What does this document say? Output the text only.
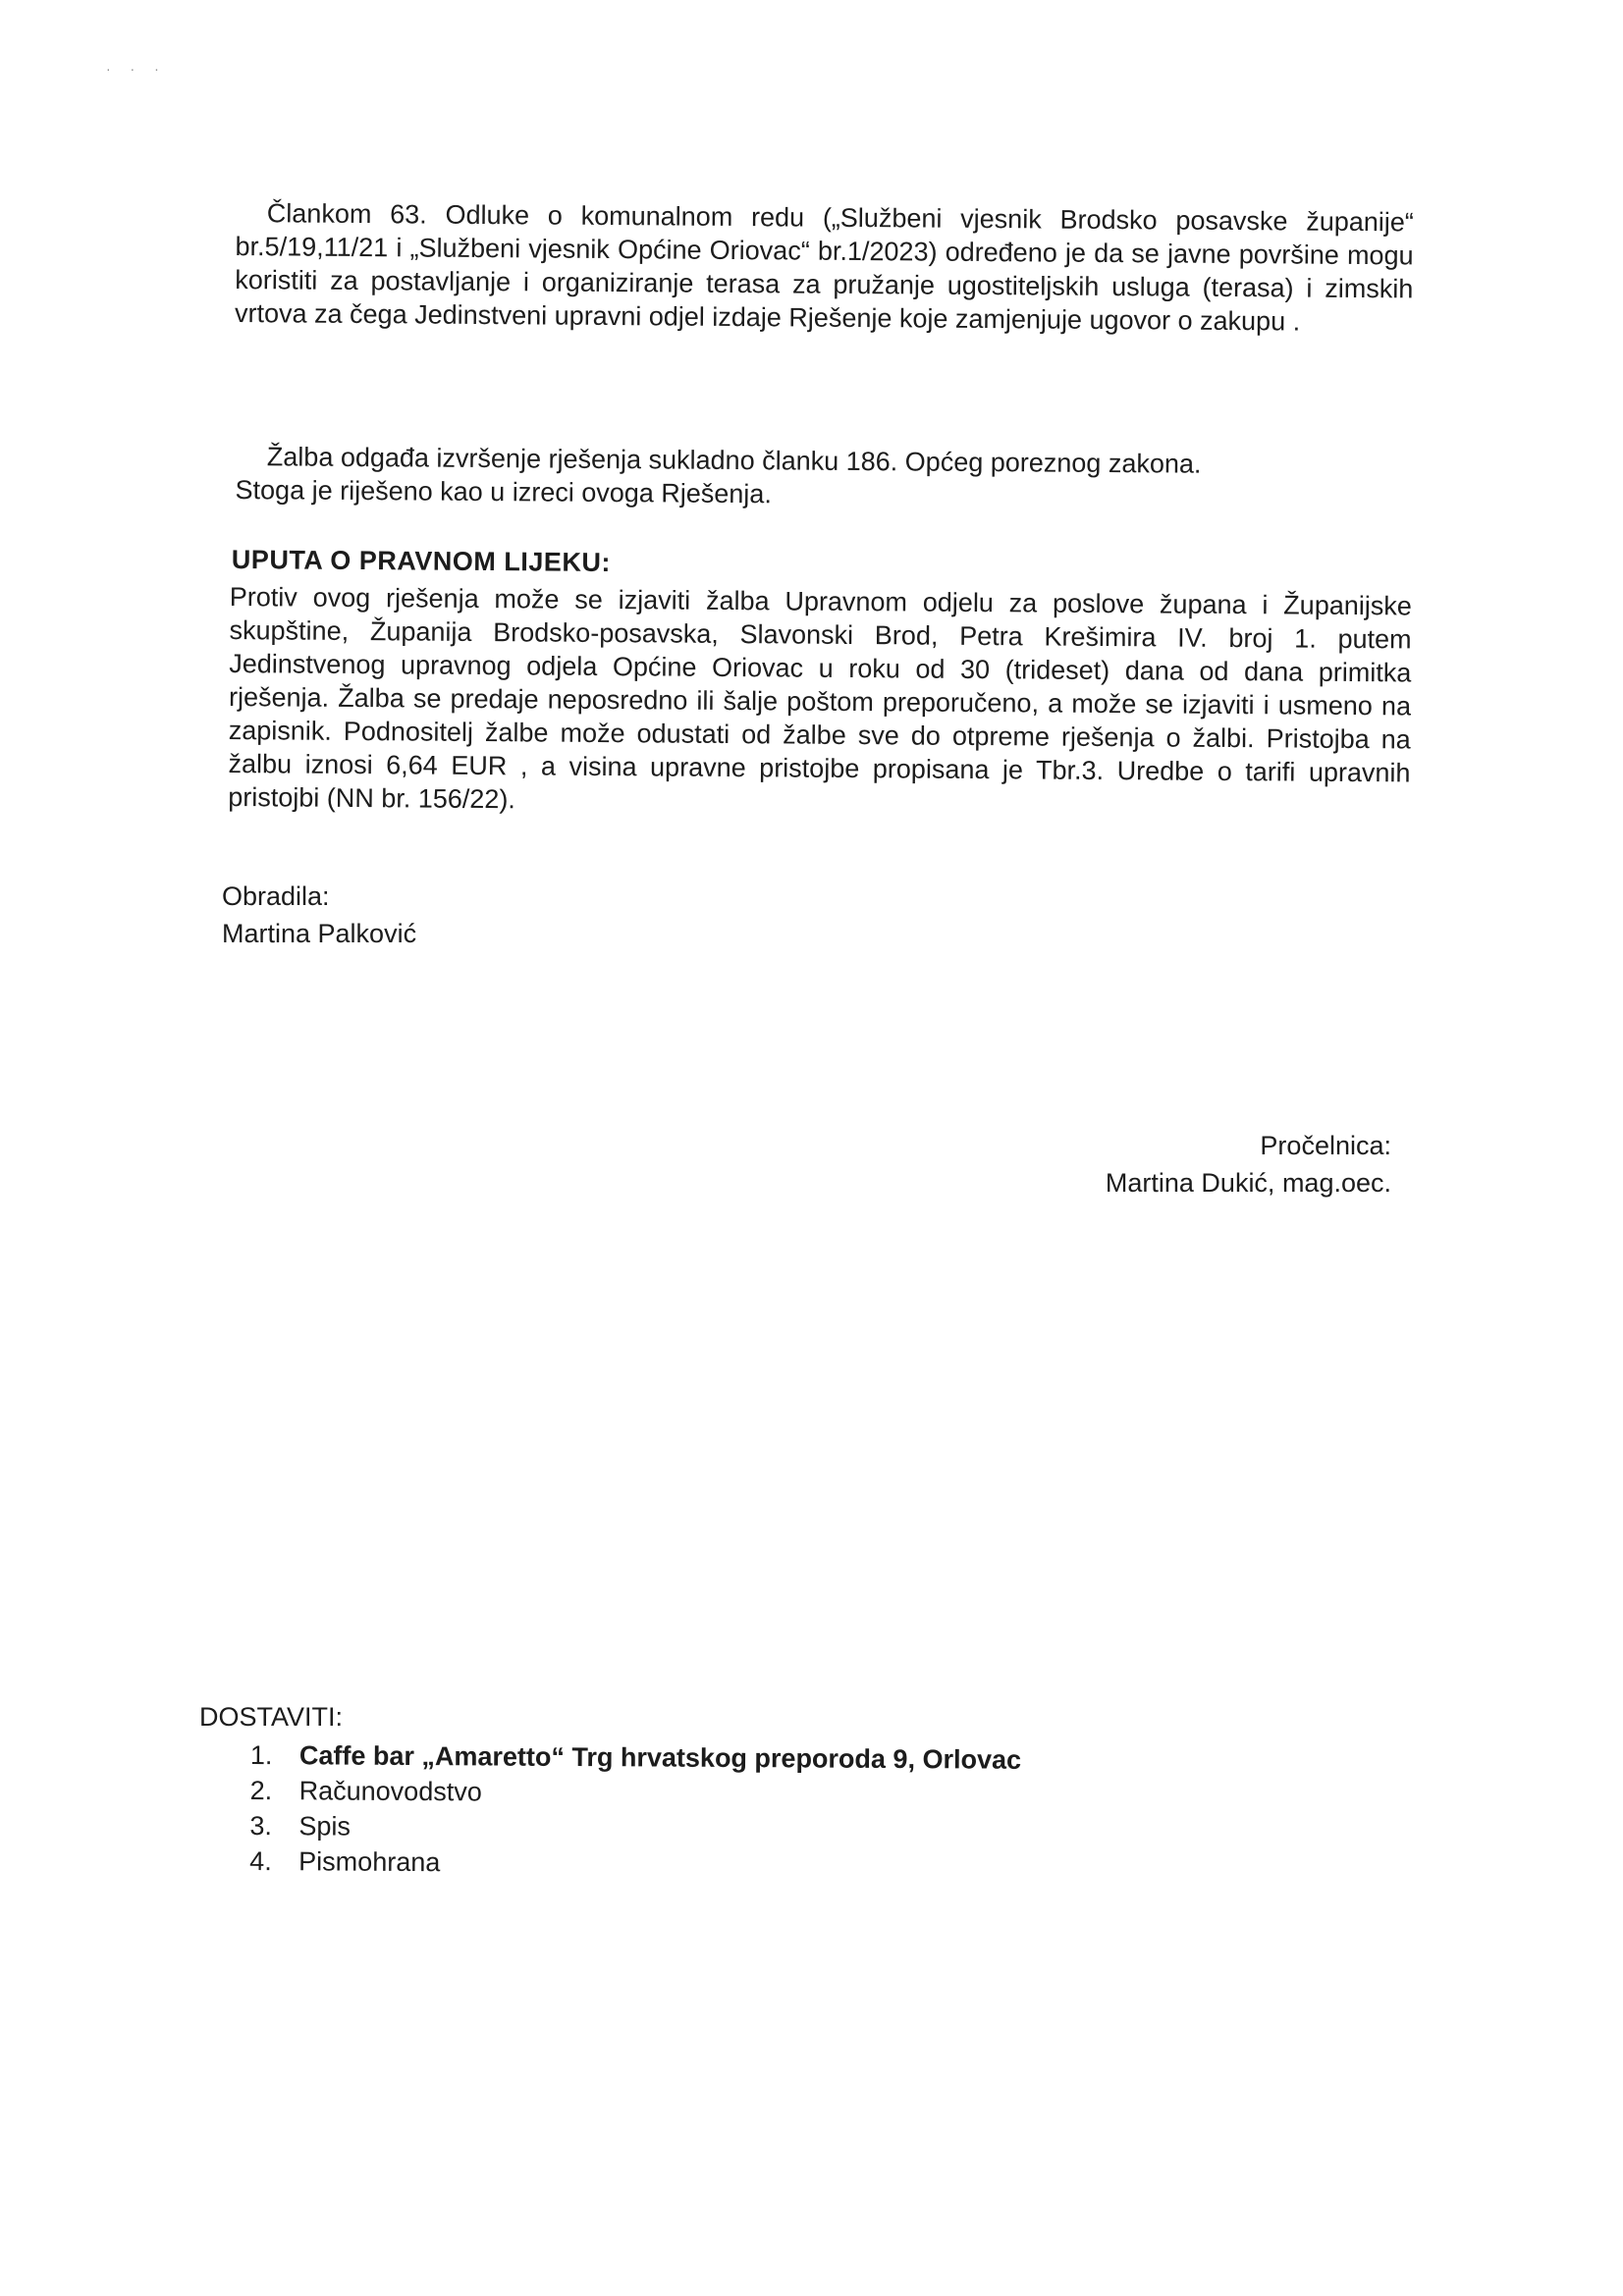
· · ·
Člankom 63. Odluke o komunalnom redu („Službeni vjesnik Brodsko posavske županije“ br.5/19,11/21 i „Službeni vjesnik Općine Oriovac“ br.1/2023) određeno je da se javne površine mogu koristiti za postavljanje i organiziranje terasa za pružanje ugostiteljskih usluga (terasa) i zimskih vrtova za čega Jedinstveni upravni odjel izdaje Rješenje koje zamjenjuje ugovor o zakupu .
Žalba odgađa izvršenje rješenja sukladno članku 186. Općeg poreznog zakona.
Stoga je riješeno kao u izreci ovoga Rješenja.
UPUTA O PRAVNOM LIJEKU:
Protiv ovog rješenja može se izjaviti žalba Upravnom odjelu za poslove župana i Županijske skupštine, Županija Brodsko-posavska, Slavonski Brod, Petra Krešimira IV. broj 1. putem Jedinstvenog upravnog odjela Općine Oriovac u roku od 30 (trideset) dana od dana primitka rješenja. Žalba se predaje neposredno ili šalje poštom preporučeno, a može se izjaviti i usmeno na zapisnik. Podnositelj žalbe može odustati od žalbe sve do otpreme rješenja o žalbi. Pristojba na žalbu iznosi 6,64 EUR , a visina upravne pristojbe propisana je Tbr.3. Uredbe o tarifi upravnih pristojbi (NN br. 156/22).
Obradila:
Martina Palković
Pročelnica:
Martina Dukić, mag.oec.
DOSTAVITI:
1.	Caffe bar „Amaretto“ Trg hrvatskog preporoda 9, Orlovac
2.	Računovodstvo
3.	Spis
4.	Pismohrana
